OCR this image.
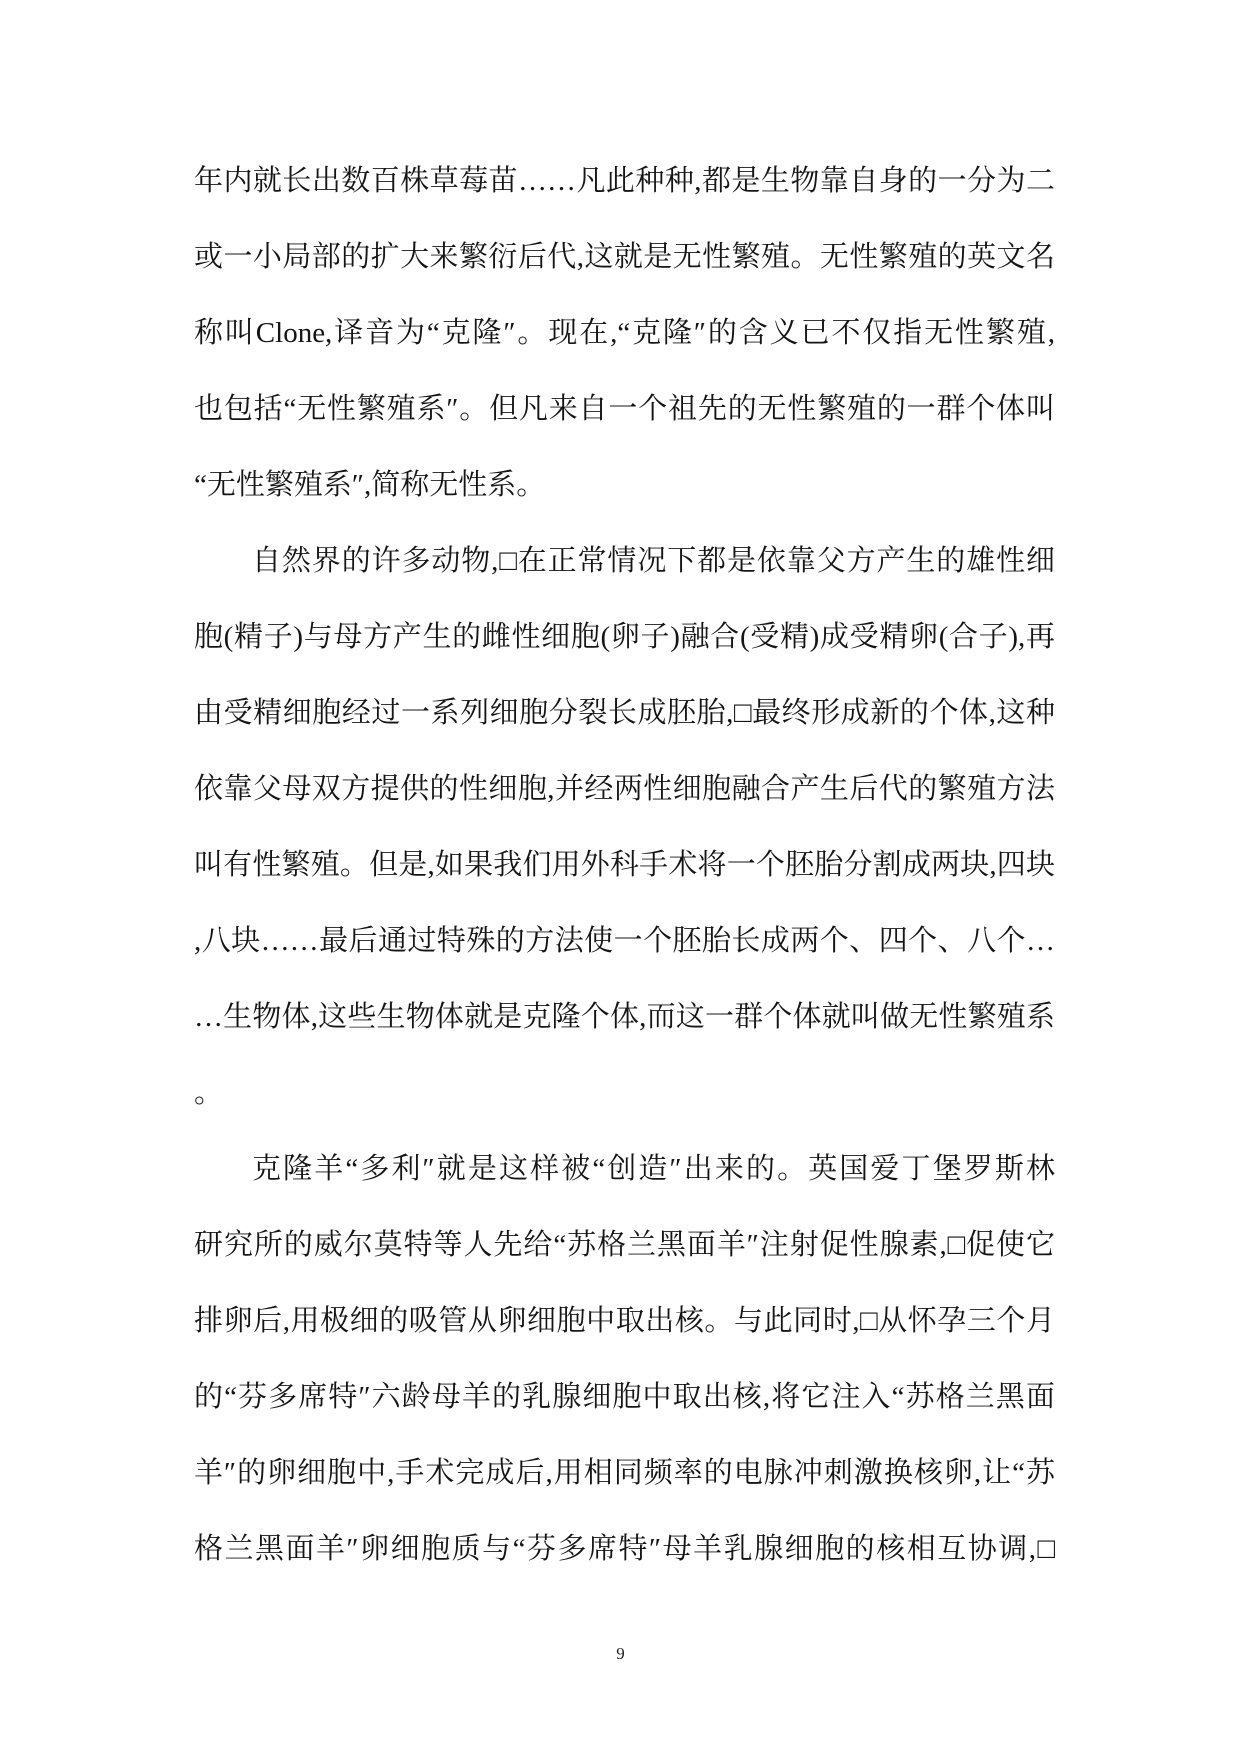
年内就长出数百株草莓苗……凡此种种,都是生物靠自身的一分为二
或一小局部的扩大来繁衍后代,这就是无性繁殖。无性繁殖的英文名
称叫Clone,译音为“克隆″。现在,“克隆″的含义已不仅指无性繁殖,
也包括“无性繁殖系″。但凡来自一个祖先的无性繁殖的一群个体叫
“无性繁殖系″,简称无性系。
自然界的许多动物,□在正常情况下都是依靠父方产生的雄性细
胞(精子)与母方产生的雌性细胞(卵子)融合(受精)成受精卵(合子),再
由受精细胞经过一系列细胞分裂长成胚胎,□最终形成新的个体,这种
依靠父母双方提供的性细胞,并经两性细胞融合产生后代的繁殖方法
叫有性繁殖。但是,如果我们用外科手术将一个胚胎分割成两块,四块
,八块……最后通过特殊的方法使一个胚胎长成两个、四个、八个…
…生物体,这些生物体就是克隆个体,而这一群个体就叫做无性繁殖系
。
克隆羊“多利″就是这样被“创造″出来的。英国爱丁堡罗斯林
研究所的威尔莫特等人先给“苏格兰黑面羊″注射促性腺素,□促使它
排卵后,用极细的吸管从卵细胞中取出核。与此同时,□从怀孕三个月
的“芬多席特″六龄母羊的乳腺细胞中取出核,将它注入“苏格兰黑面
羊″的卵细胞中,手术完成后,用相同频率的电脉冲刺激换核卵,让“苏
格兰黑面羊″卵细胞质与“芬多席特″母羊乳腺细胞的核相互协调,□
9
